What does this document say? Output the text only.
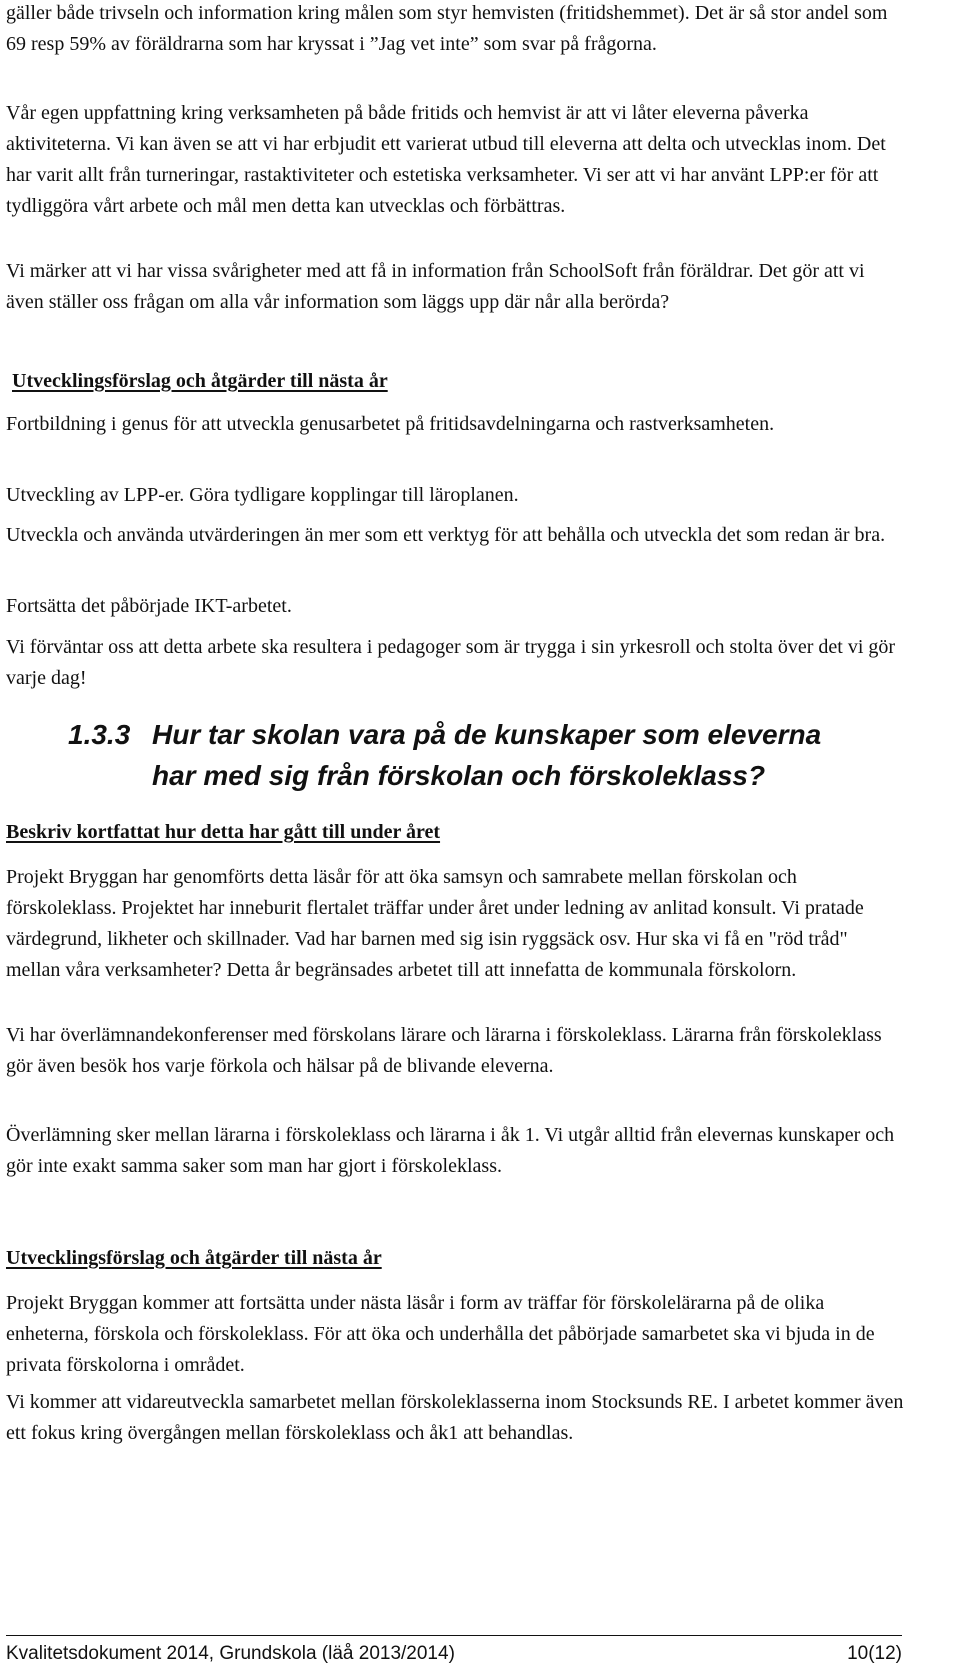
gäller både trivseln och information kring målen som styr hemvisten (fritidshemmet). Det är så stor andel som 69 resp 59% av föräldrarna som har kryssat i ”Jag vet inte” som svar på frågorna.

Vår egen uppfattning kring verksamheten på både fritids och hemvist är att vi låter eleverna påverka aktiviteterna. Vi kan även se att vi har erbjudit ett varierat utbud till eleverna att delta och utvecklas inom. Det har varit allt från turneringar, rastaktiviteter och estetiska verksamheter. Vi ser att vi har använt LPP:er för att tydliggöra vårt arbete och mål men detta kan utvecklas och förbättras.

Vi märker att vi har vissa svårigheter med att få in information från SchoolSoft från föräldrar. Det gör att vi även ställer oss frågan om alla vår information som läggs upp där når alla berörda?

Utvecklingsförslag och åtgärder till nästa år

Fortbildning i genus för att utveckla genusarbetet på fritidsavdelningarna och rastverksamheten.

Utveckling av LPP-er. Göra tydligare kopplingar till läroplanen.

Utveckla och använda utvärderingen än mer som ett verktyg för att behålla och utveckla det som redan är bra.

Fortsätta det påbörjade IKT-arbetet.

Vi förväntar oss att detta arbete ska resultera i pedagoger som är trygga i sin yrkesroll och stolta över det vi gör varje dag!

1.3.3 Hur tar skolan vara på de kunskaper som eleverna
har med sig från förskolan och förskoleklass?
Beskriv kortfattat hur detta har gått till under året

Projekt Bryggan har genomförts detta läsår för att öka samsyn och samrabete mellan förskolan och förskoleklass. Projektet har inneburit flertalet träffar under året under ledning av anlitad konsult. Vi pratade värdegrund, likheter och skillnader. Vad har barnen med sig isin ryggsäck osv. Hur ska vi få en "röd tråd" mellan våra verksamheter? Detta år begränsades arbetet till att innefatta de kommunala förskolorn.

Vi har överlämnandekonferenser med förskolans lärare och lärarna i förskoleklass. Lärarna från förskoleklass gör även besök hos varje förkola och hälsar på de blivande eleverna.

Överlämning sker mellan lärarna i förskoleklass och lärarna i åk 1. Vi utgår alltid från elevernas kunskaper och gör inte exakt samma saker som man har gjort i förskoleklass.

Utvecklingsförslag och åtgärder till nästa år

Projekt Bryggan kommer att fortsätta under nästa läsår i form av träffar för förskolelärarna på de olika enheterna, förskola och förskoleklass. För att öka och underhålla det påbörjade samarbetet ska vi bjuda in de privata förskolorna i området.

Vi kommer att vidareutveckla samarbetet mellan förskoleklasserna inom Stocksunds RE. I arbetet kommer även ett fokus kring övergången mellan förskoleklass och åk1 att behandlas.

Kvalitetsdokument 2014, Grundskola (läå 2013/2014)	10(12)
